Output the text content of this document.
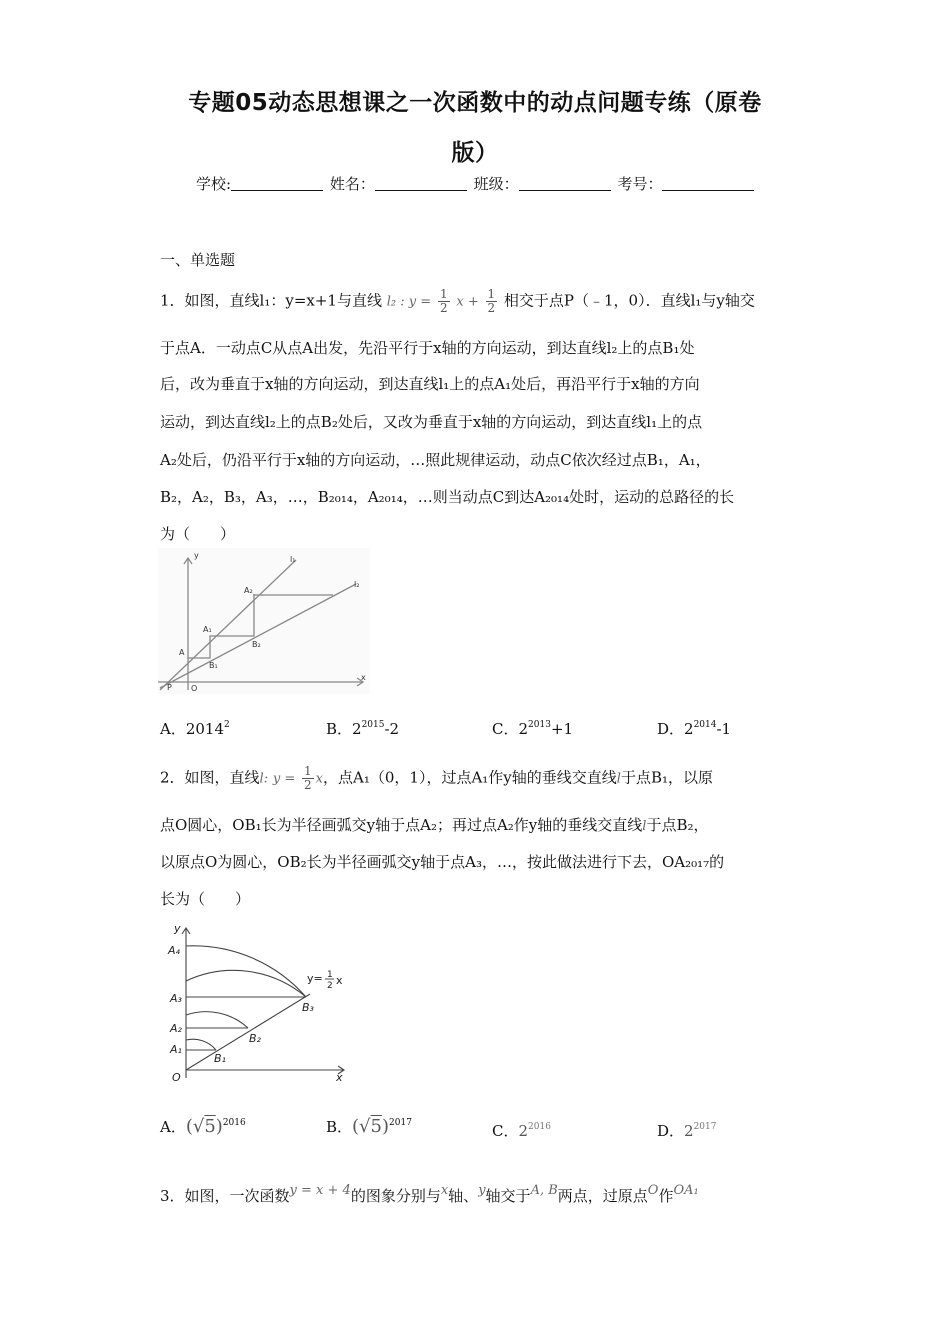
专题05动态思想课之一次函数中的动点问题专练（原卷
版）
学校:	姓名：	班级：	考号：
一、单选题
1．如图，直线l₁：y=x+1与直线 l₂ : $y = \frac{1}{2}$ $x + \frac{1}{2}$ 相交于点P（﹣1，0）．直线l₁与y轴交
于点A．一动点C从点A出发，先沿平行于x轴的方向运动，到达直线l₂上的点B₁处
后，改为垂直于x轴的方向运动，到达直线l₁上的点A₁处后，再沿平行于x轴的方向
运动，到达直线l₂上的点B₂处后，又改为垂直于x轴的方向运动，到达直线l₁上的点
A₂处后，仍沿平行于x轴的方向运动，…照此规律运动，动点C依次经过点B₁，A₁，
B₂，A₂，B₃，A₃，…，B₂₀₁₄，A₂₀₁₄，…则当动点C到达A₂₀₁₄处时，运动的总路径的长
为（　　）
y	l₁
l₂
A₂
A₁
B₂
A
B₁
P O
x
A．2014$^2$	B．$2^{2015}-2$	C．$2^{2013}+1$	D．$2^{2014}-1$
2．如图，直线l: $y = \frac{1}{2}$ x，点A₁（0，1），过点A₁作y轴的垂线交直线l于点B₁，以原
点O圆心，OB₁长为半径画弧交y轴于点A₂；再过点A₂作y轴的垂线交直线l于点B₂，
以原点O为圆心，OB₂长为半径画弧交y轴于点A₃，…，按此做法进行下去，OA₂₀₁₇的
长为（　　）
y
A₄
y= 1
2 x
A₃
B₃
A₂
B₂
A₁
B₁
O	x
A．$(√5)^{2016}$	B．$(√5)^{2017}$	C．$2^{2016}$	D．$2^{2017}$
3．如图，一次函数y = x + 4的图象分别与x轴、y轴交于A, B两点，过原点O作OA₁
